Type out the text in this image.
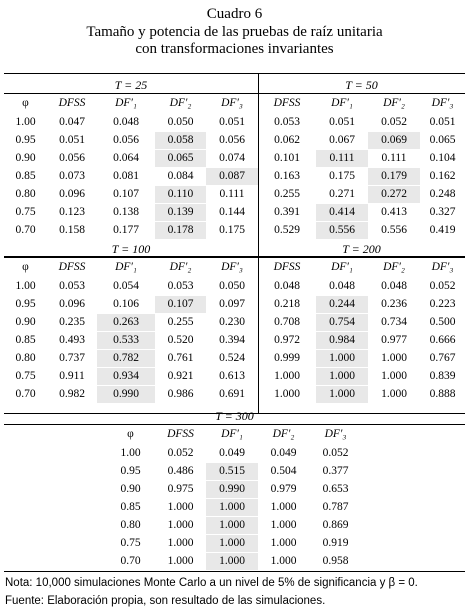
Cuadro 6
Tamaño y potencia de las pruebas de raíz unitaria
con transformaciones invariantes
T = 25
φ	DFSS	DF′₁	DF′₂	DF′₃
1.00	0.047	0.048	0.050	0.051
0.95	0.051	0.056	0.058	0.056
0.90	0.056	0.064	0.065	0.074
0.85	0.073	0.081	0.084	0.087
0.80	0.096	0.107	0.110	0.111
0.75	0.123	0.138	0.139	0.144
0.70	0.158	0.177	0.178	0.175
T = 50
DFSS	DF′₁	DF′₂	DF′₃
0.053	0.051	0.052	0.051
0.062	0.067	0.069	0.065
0.101	0.111	0.111	0.104
0.163	0.175	0.179	0.162
0.255	0.271	0.272	0.248
0.391	0.414	0.413	0.327
0.529	0.556	0.556	0.419
T = 100
φ	DFSS	DF′₁	DF′₂	DF′₃
1.00	0.053	0.054	0.053	0.050
0.95	0.096	0.106	0.107	0.097
0.90	0.235	0.263	0.255	0.230
0.85	0.493	0.533	0.520	0.394
0.80	0.737	0.782	0.761	0.524
0.75	0.911	0.934	0.921	0.613
0.70	0.982	0.990	0.986	0.691
T = 200
DFSS	DF′₁	DF′₂	DF′₃
0.048	0.048	0.048	0.052
0.218	0.244	0.236	0.223
0.708	0.754	0.734	0.500
0.972	0.984	0.977	0.666
0.999	1.000	1.000	0.767
1.000	1.000	1.000	0.839
1.000	1.000	1.000	0.888
T = 300
φ	DFSS	DF′₁	DF′₂	DF′₃
1.00	0.052	0.049	0.049	0.052
0.95	0.486	0.515	0.504	0.377
0.90	0.975	0.990	0.979	0.653
0.85	1.000	1.000	1.000	0.787
0.80	1.000	1.000	1.000	0.869
0.75	1.000	1.000	1.000	0.919
0.70	1.000	1.000	1.000	0.958
Nota: 10,000 simulaciones Monte Carlo a un nivel de 5% de significancia y β = 0.
Fuente: Elaboración propia, son resultado de las simulaciones.
